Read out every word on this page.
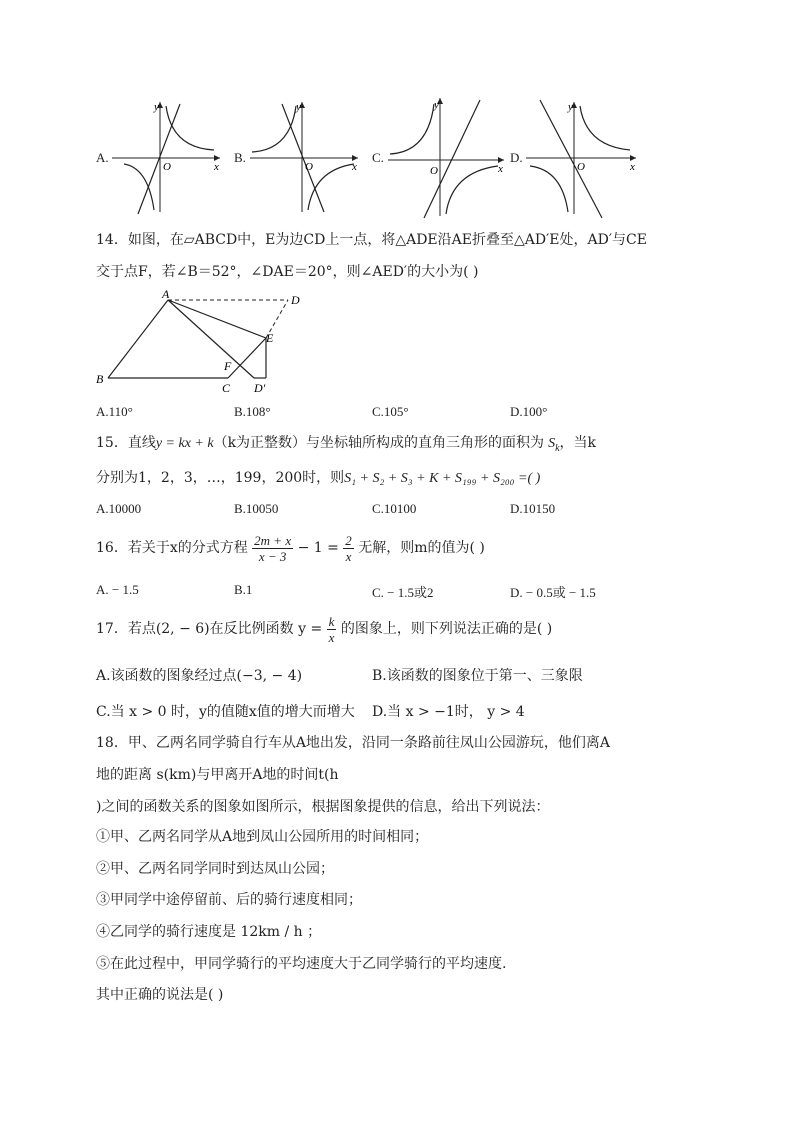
A.
y
x
O
B.
y
x
O
C.
y
x
O
D.
y
x
O
14．如图，在▱ABCD中，E为边CD上一点，将△ADE沿AE折叠至△AD′E处，AD′与CE
交于点F，若∠B＝52°，∠DAE＝20°，则∠AED′的大小为( )
A
B
C
D
E
F
D′
A.110°	B.108°	C.105°	D.100°
15．直线y = kx + k（k为正整数）与坐标轴所构成的直角三角形的面积为 $S_k$，当k
分别为1，2，3，…，199，200时，则S₁ + S₂ + S₃ + K + S₁₉₉ + S₂₀₀ =( )
A.10000	B.10050	C.10100	D.10150
16．若关于x的分式方程 $\frac{2m + x}{x - 3} - 1 = \frac{2}{x}$ 无解，则m的值为( )
A. − 1.5	B.1	C. − 1.5或2	D. − 0.5或 − 1.5
17．若点(2, − 6)在反比例函数 $y = \frac{k}{x}$ 的图象上，则下列说法正确的是( )
A.该函数的图象经过点(−3, − 4)	B.该函数的图象位于第一、三象限
C.当 x > 0 时，y的值随x值的增大而增大 D.当 x > −1时， y > 4
18．甲、乙两名同学骑自行车从A地出发，沿同一条路前往凤山公园游玩，他们离A
地的距离 s(km)与甲离开A地的时间t(h
)之间的函数关系的图象如图所示，根据图象提供的信息，给出下列说法：
①甲、乙两名同学从A地到凤山公园所用的时间相同；
②甲、乙两名同学同时到达凤山公园；
③甲同学中途停留前、后的骑行速度相同；
④乙同学的骑行速度是 12km / h ；
⑤在此过程中，甲同学骑行的平均速度大于乙同学骑行的平均速度.
其中正确的说法是( )
